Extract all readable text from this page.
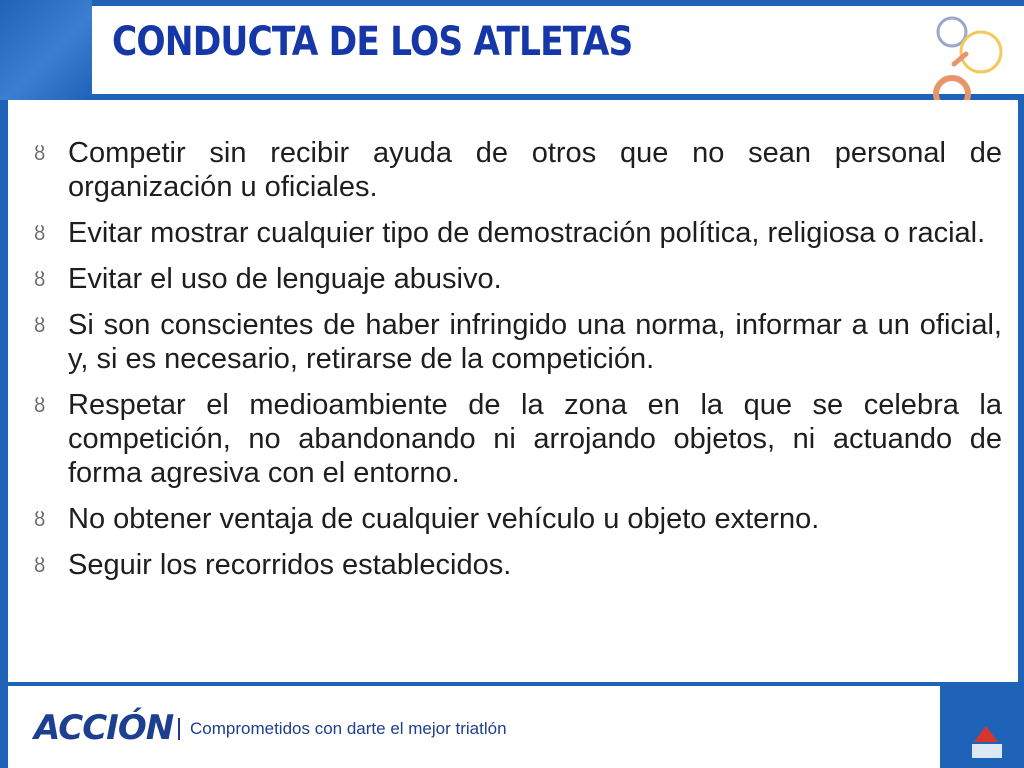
CONDUCTA DE LOS ATLETAS
ȣ Competir sin recibir ayuda de otros que no sean personal de organización u oficiales.
ȣ Evitar mostrar cualquier tipo de demostración política, religiosa o racial.
ȣ Evitar el uso de lenguaje abusivo.
ȣ Si son conscientes de haber infringido una norma, informar a un oficial, y, si es necesario, retirarse de la competición.
ȣ Respetar el medioambiente de la zona en la que se celebra la competición, no abandonando ni arrojando objetos, ni actuando de forma agresiva con el entorno.
ȣ No obtener ventaja de cualquier vehículo u objeto externo.
ȣ Seguir los recorridos establecidos.
ACCIÓN Comprometidos con darte el mejor triatlón
